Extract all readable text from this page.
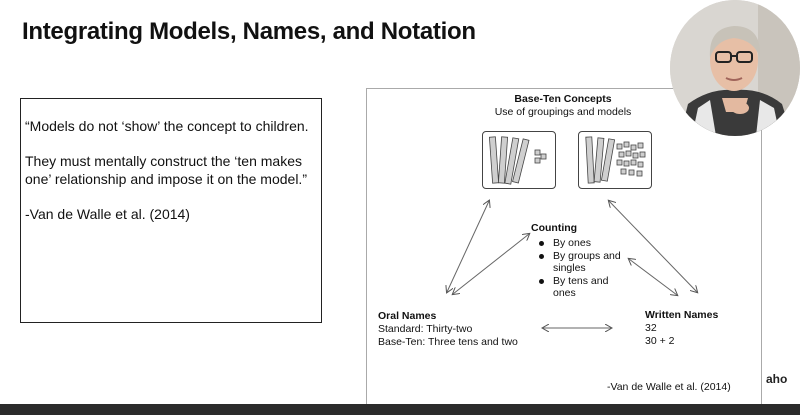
Integrating Models, Names, and Notation

“Models do not ‘show’ the concept to children.

They must mentally construct the ‘ten makes one’ relationship and impose it on the model.”

-Van de Walle et al. (2014)

Base-Ten Concepts
Use of groupings and models
Counting
By ones
By groups and singles
By tens and ones
Oral Names
Standard: Thirty-two
Base-Ten: Three tens and two
Written Names
32
30 + 2
-Van de Walle et al. (2014)
aho
